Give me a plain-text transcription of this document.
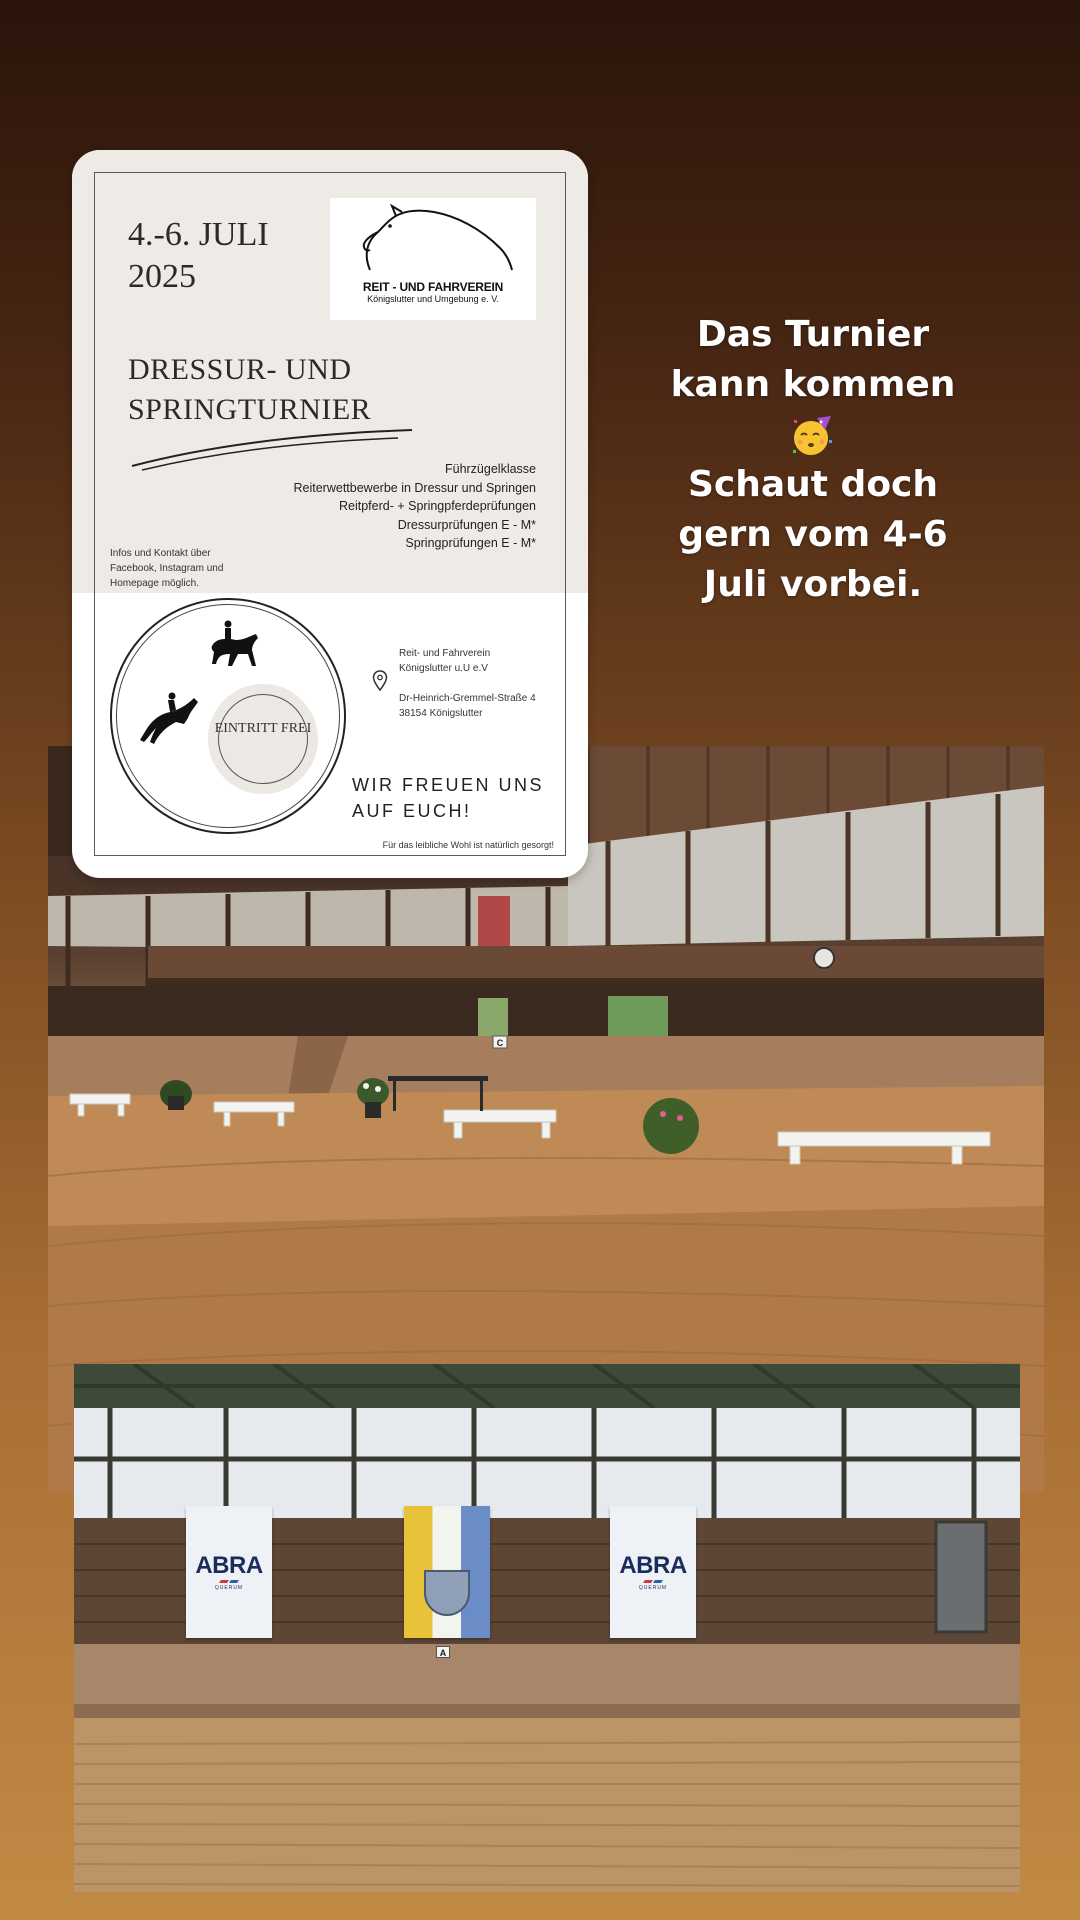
C
ABRA
QUERUM
ABRA
QUERUM
A
4.-6. JULI 2025	REIT - UND FAHRVEREIN
Königslutter und Umgebung e. V.
DRESSUR- UND SPRINGTURNIER
Führzügelklasse
Reiterwettbewerbe in Dressur und Springen
Reitpferd- + Springpferdeprüfungen
Dressurprüfungen E - M*
Springprüfungen E - M*
Infos und Kontakt über Facebook, Instagram und Homepage möglich.
EINTRITT FREI

Reit- und Fahrverein

Königslutter u.U e.V

Dr-Heinrich-Gremmel-Straße 4

38154 Königslutter

WIR FREUEN UNS AUF EUCH!
Für das leibliche Wohl ist natürlich gesorgt!
Das Turnier
kann kommen
Schaut doch
gern vom 4-6
Juli vorbei.
